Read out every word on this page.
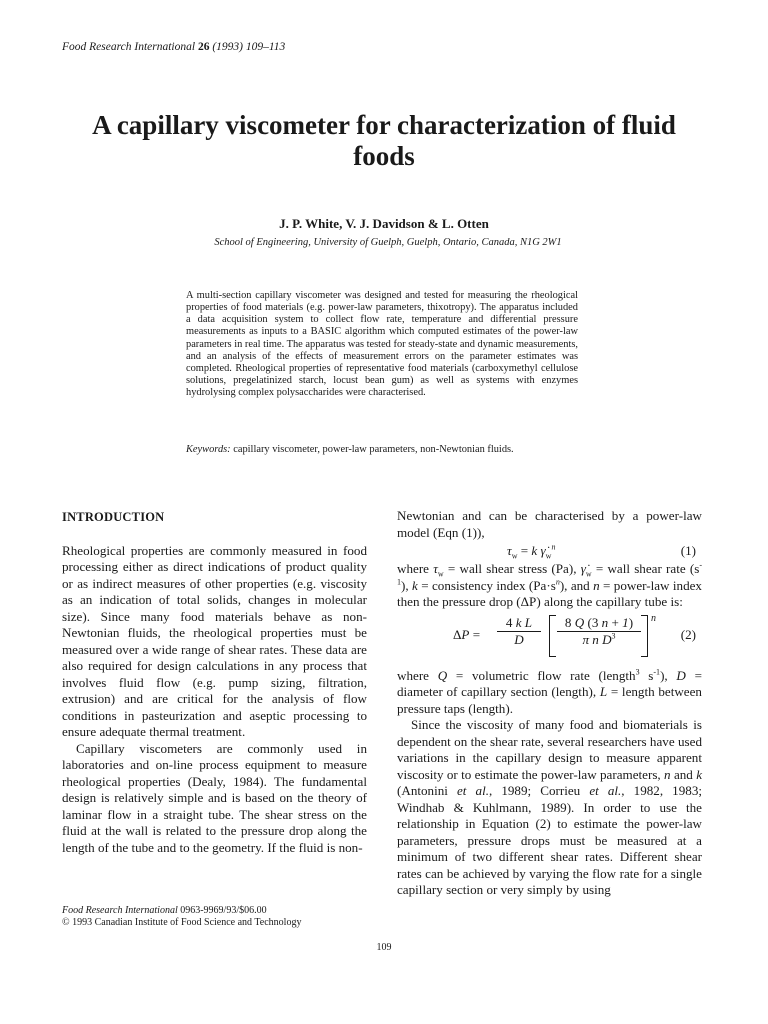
Food Research International 26 (1993) 109–113
A capillary viscometer for characterization of fluid foods
J. P. White, V. J. Davidson & L. Otten
School of Engineering, University of Guelph, Guelph, Ontario, Canada, N1G 2W1

A multi-section capillary viscometer was designed and tested for measuring the rheological properties of food materials (e.g. power-law parameters, thixotropy). The apparatus included a data acquisition system to collect flow rate, temperature and differential pressure measurements as inputs to a BASIC algorithm which computed estimates of the power-law parameters in real time. The apparatus was tested for steady-state and dynamic measurements, and an analysis of the effects of measurement errors on the parameter estimates was completed. Rheological properties of representative food materials (carboxymethyl cellulose solutions, pregelatinized starch, locust bean gum) as well as systems with enzymes hydrolysing complex polysaccharides were characterised.

Keywords: capillary viscometer, power-law parameters, non-Newtonian fluids.
INTRODUCTION

Rheological properties are commonly measured in food processing either as direct indications of product quality or as indirect measures of other properties (e.g. viscosity as an indication of total solids, changes in molecular size). Since many food materials behave as non-Newtonian fluids, the rheological properties must be measured over a wide range of shear rates. These data are also required for design calculations in any process that involves fluid flow (e.g. pump sizing, filtration, extrusion) and are critical for the analysis of flow conditions in pasteurization and aseptic processing to ensure adequate thermal treatment.

Capillary viscometers are commonly used in laboratories and on-line process equipment to measure rheological properties (Dealy, 1984). The fundamental design is relatively simple and is based on the theory of laminar flow in a straight tube. The shear stress on the fluid at the wall is related to the pressure drop along the length of the tube and to the geometry. If the fluid is non-

Newtonian and can be characterised by a power-law model (Eqn (1)),

$\tau_w = k$ $\gammȧ_w^n$	(1)

where $\tau_w$ = wall shear stress (Pa), $\gammȧ_w$ = wall shear rate $(s^{-1})$, k = consistency index $(Pa\cdot s^n)$, and n = power-law index then the pressure drop (ΔP) along the capillary tube is:

$\Delta P = \frac{\text{4 k L}}{D} \frac{8 Q (3 n + 1)}{\pi n D^3}$ n
(2)

where Q = volumetric flow rate (length$^3$ $s^{-1}$), D = diameter of capillary section (length), L = length between pressure taps (length).

Since the viscosity of many food and biomaterials is dependent on the shear rate, several researchers have used variations in the capillary design to measure apparent viscosity or to estimate the power-law parameters, n and k (Antonini et al., 1989; Corrieu et al., 1982, 1983; Windhab & Kuhlmann, 1989). In order to use the relationship in Equation (2) to estimate the power-law parameters, pressure drops must be measured at a minimum of two different shear rates. Different shear rates can be achieved by varying the flow rate for a single capillary section or very simply by using

Food Research International 0963-9969/93/$06.00
© 1993 Canadian Institute of Food Science and Technology
109
